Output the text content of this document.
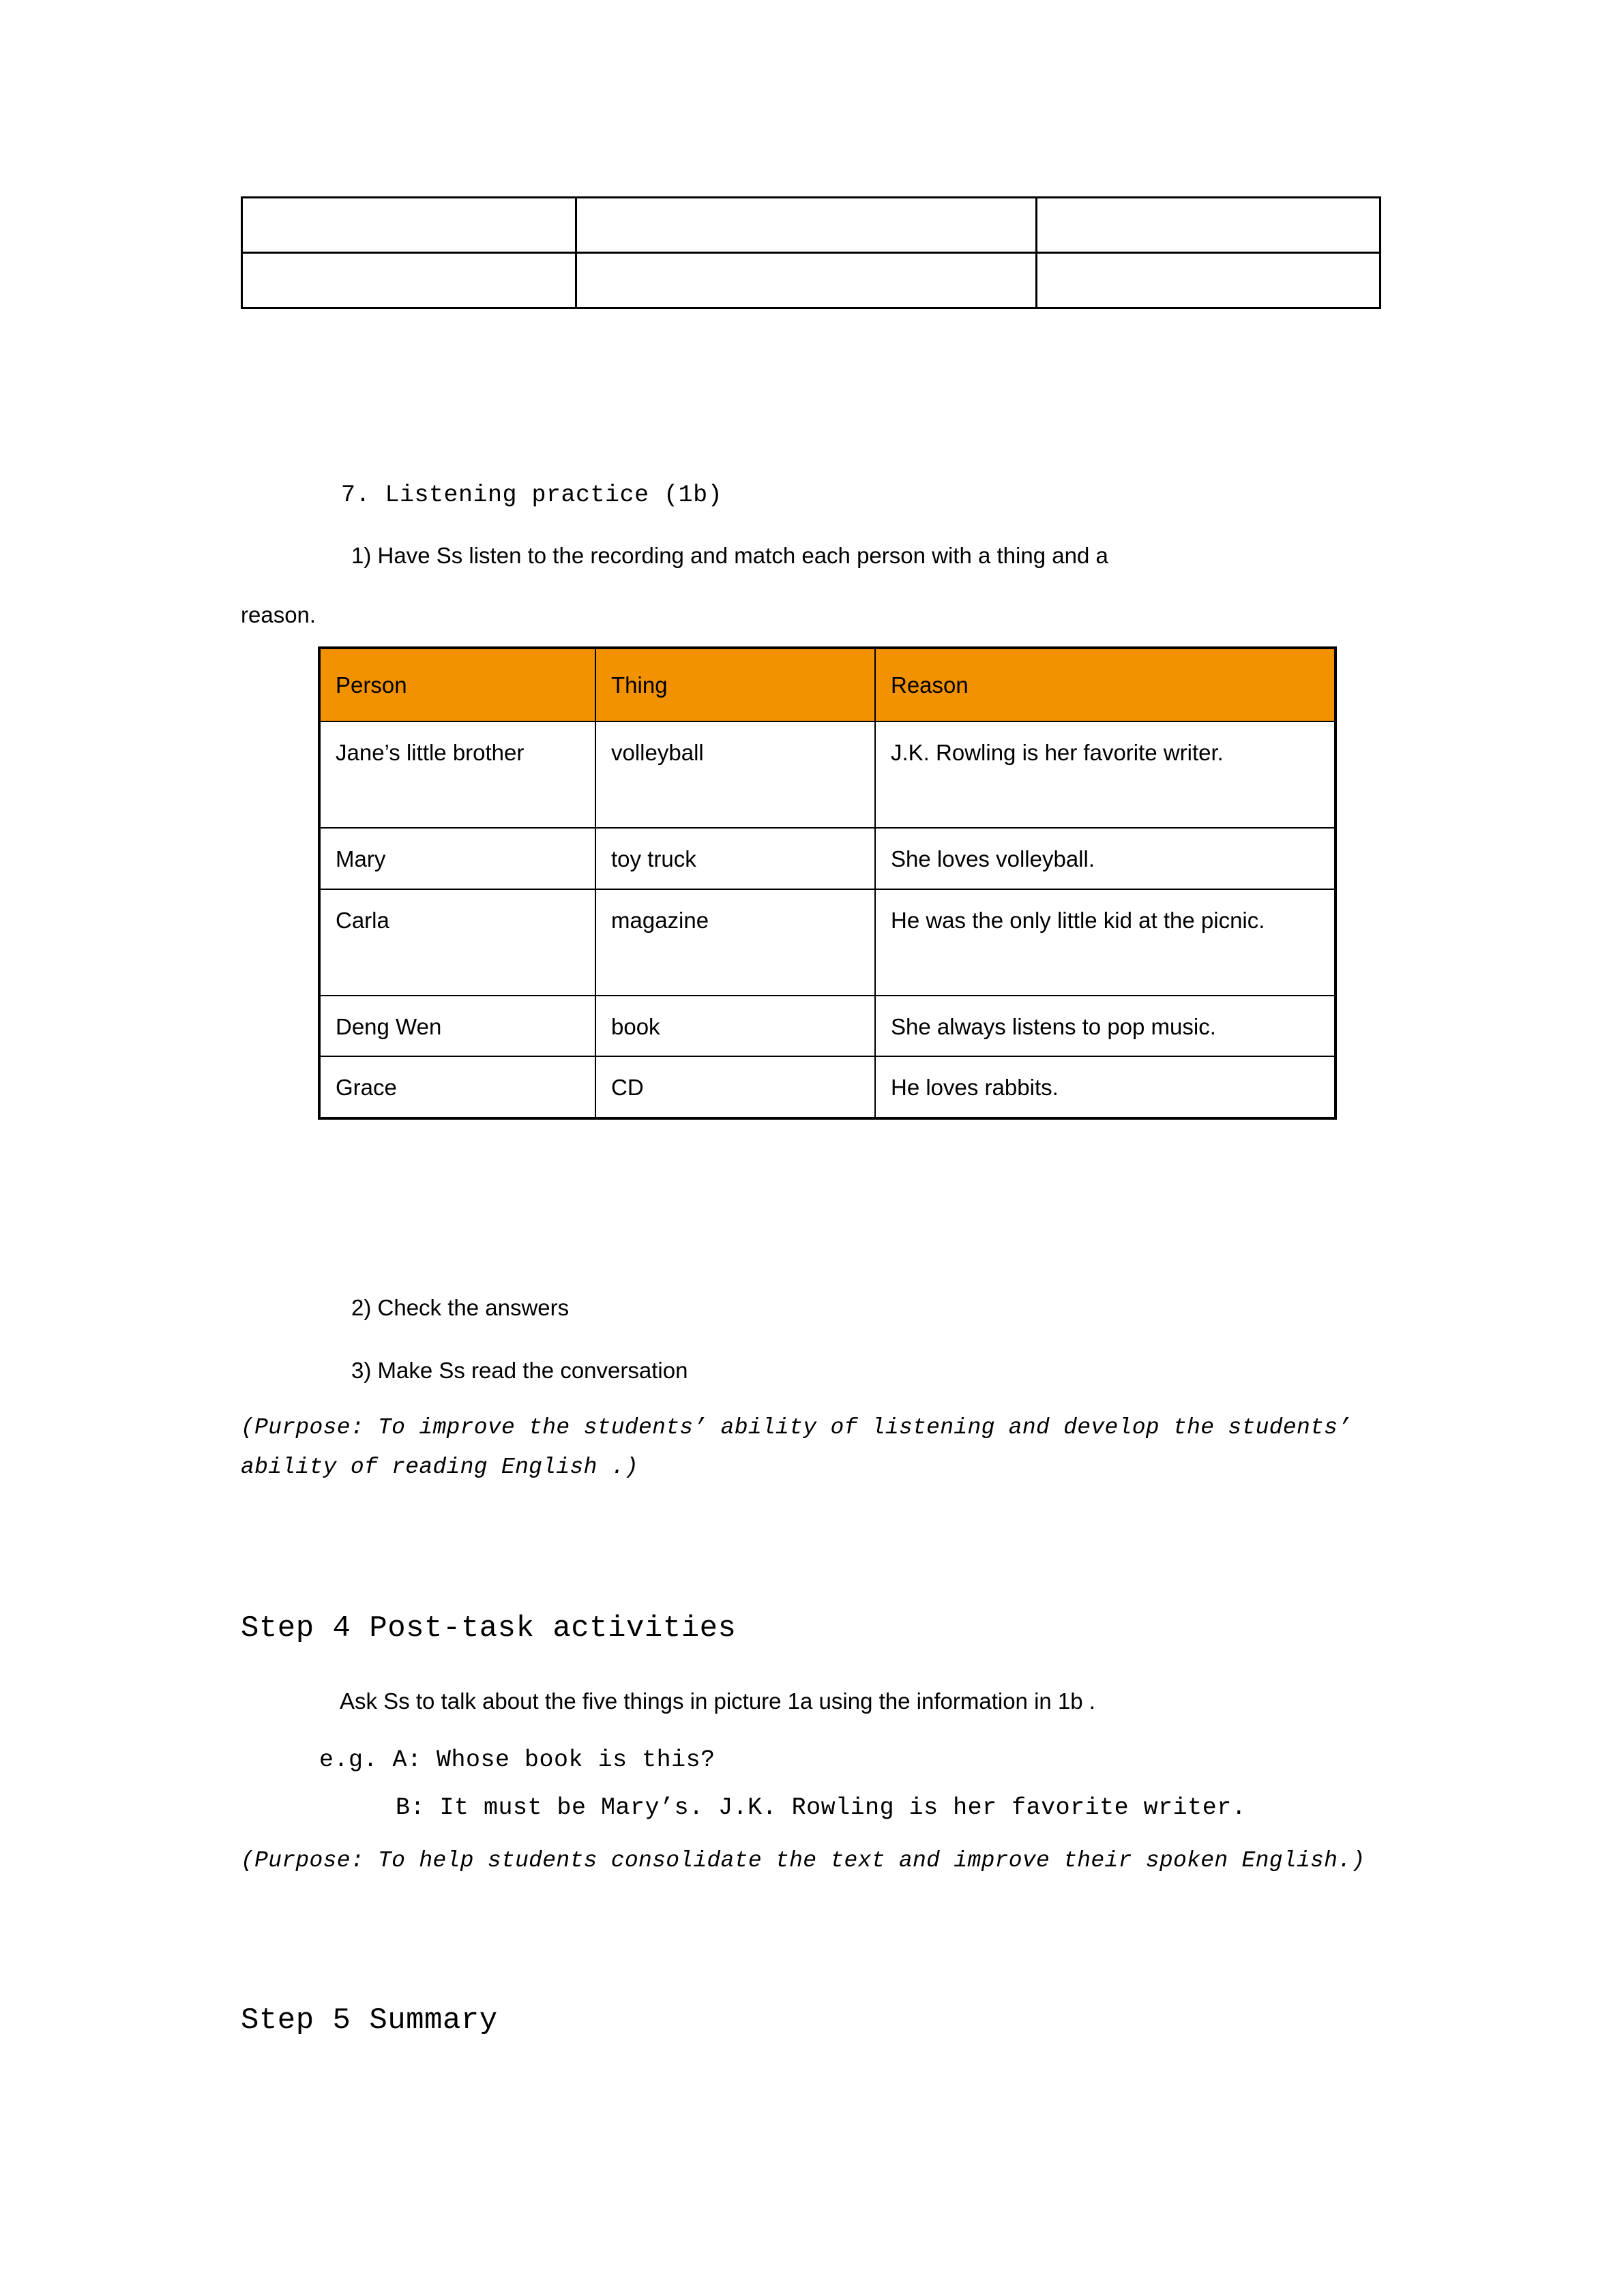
7. Listening practice (1b)
1) Have Ss listen to the recording and match each person with a thing and a
reason.
Person	Thing	Reason
Jane’s little brother	volleyball	J.K. Rowling is her favorite writer.
Mary	toy truck	She loves volleyball.
Carla	magazine	He was the only little kid at the picnic.
Deng Wen	book	She always listens to pop music.
Grace	CD	He loves rabbits.
2) Check the answers
3) Make Ss read the conversation
(Purpose: To improve the students’ ability of listening and develop the students’ ability of reading English .)
Step 4 Post-task activities
Ask Ss to talk about the five things in picture 1a using the information in 1b .
e.g. A: Whose book is this?
B: It must be Mary’s. J.K. Rowling is her favorite writer.
(Purpose: To help students consolidate the text and improve their spoken English.)
Step 5 Summary
